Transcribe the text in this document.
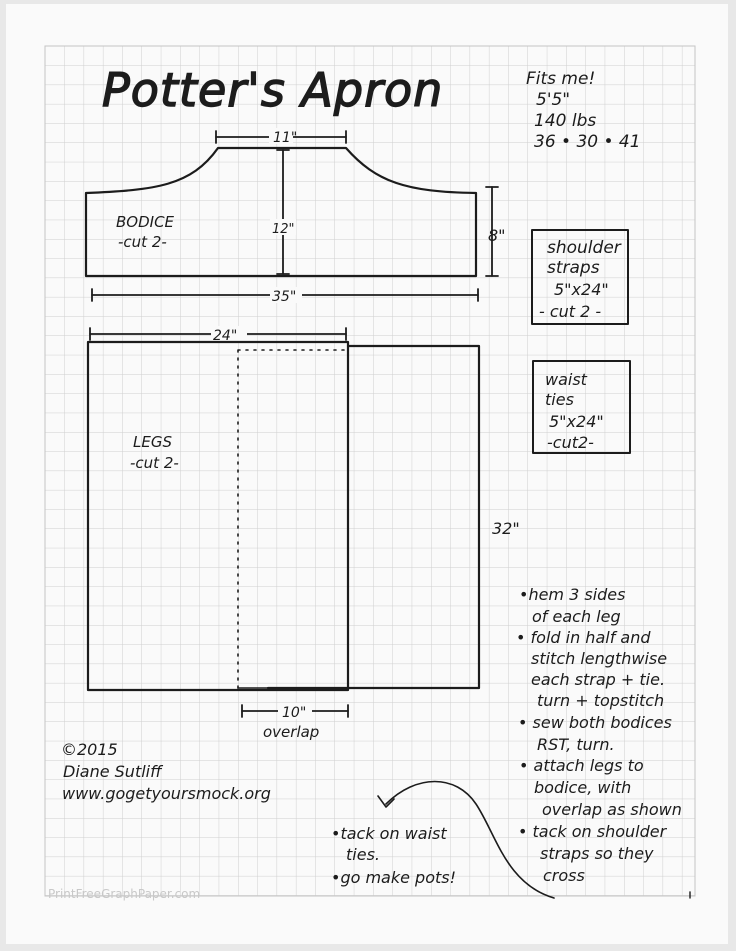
Potter's Apron	Fits me!
5'5"
140 lbs
36 • 30 • 41
BODICE
-cut 2-
11"
12"	8"
35"
24"
LEGS
-cut 2-
32"
10"
overlap
shoulder
straps
5"x24"
- cut 2 -
waist
ties
5"x24"
-cut2-
•hem 3 sides
of each leg
• fold in half and
stitch lengthwise
each strap + tie.
turn + topstitch
• sew both bodices
RST, turn.
• attach legs to
bodice, with
overlap as shown
• tack on shoulder
straps so they
cross
•tack on waist
ties.
•go make pots!
©2015
Diane Sutliff
www.gogetyoursmock.org
PrintFreeGraphPaper.com
